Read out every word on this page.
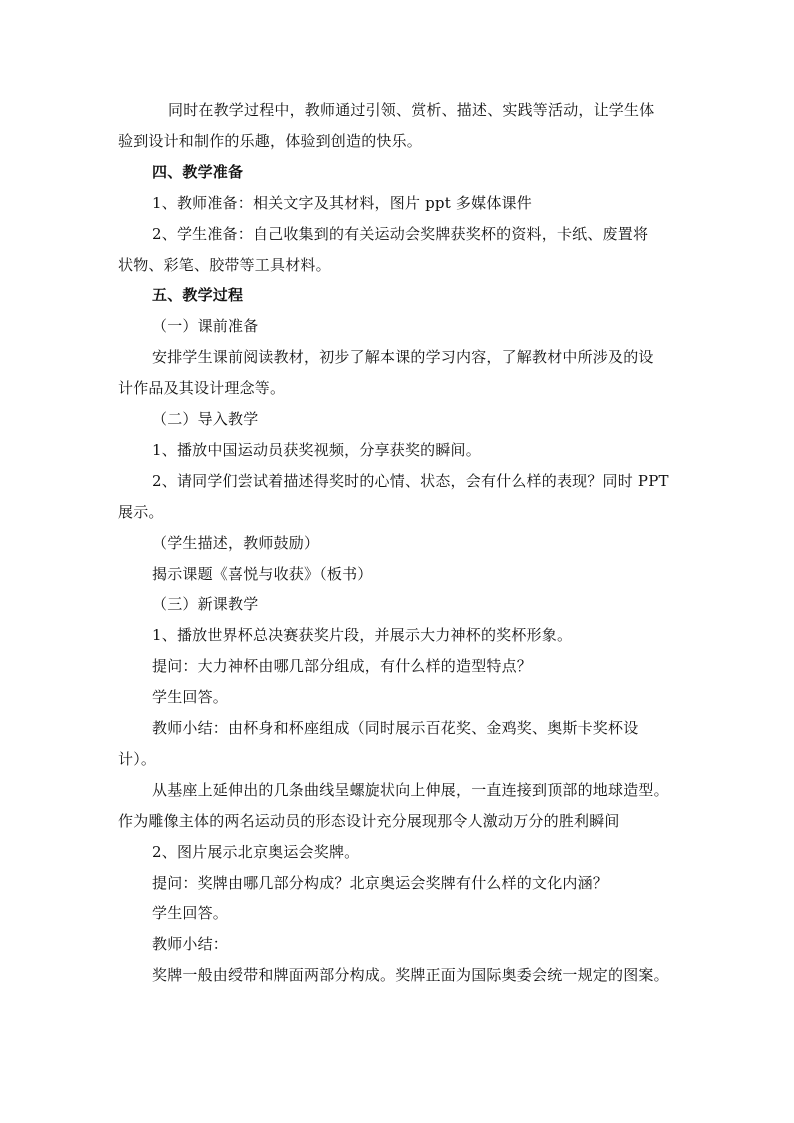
同时在教学过程中，教师通过引领、赏析、描述、实践等活动，让学生体
验到设计和制作的乐趣，体验到创造的快乐。
四、教学准备
1、教师准备：相关文字及其材料，图片 ppt 多媒体课件
2、学生准备：自己收集到的有关运动会奖牌获奖杯的资料，卡纸、废置将
状物、彩笔、胶带等工具材料。
五、教学过程
（一）课前准备
安排学生课前阅读教材，初步了解本课的学习内容，了解教材中所涉及的设
计作品及其设计理念等。
（二）导入教学
1、播放中国运动员获奖视频，分享获奖的瞬间。
2、请同学们尝试着描述得奖时的心情、状态，会有什么样的表现？同时 PPT
展示。
（学生描述，教师鼓励）
揭示课题《喜悦与收获》（板书）
（三）新课教学
1、播放世界杯总决赛获奖片段，并展示大力神杯的奖杯形象。
提问：大力神杯由哪几部分组成，有什么样的造型特点？
学生回答。
教师小结：由杯身和杯座组成（同时展示百花奖、金鸡奖、奥斯卡奖杯设
计）。
从基座上延伸出的几条曲线呈螺旋状向上伸展，一直连接到顶部的地球造型。
作为雕像主体的两名运动员的形态设计充分展现那令人激动万分的胜利瞬间
2、图片展示北京奥运会奖牌。
提问：奖牌由哪几部分构成？北京奥运会奖牌有什么样的文化内涵？
学生回答。
教师小结：
奖牌一般由绶带和牌面两部分构成。奖牌正面为国际奥委会统一规定的图案。
